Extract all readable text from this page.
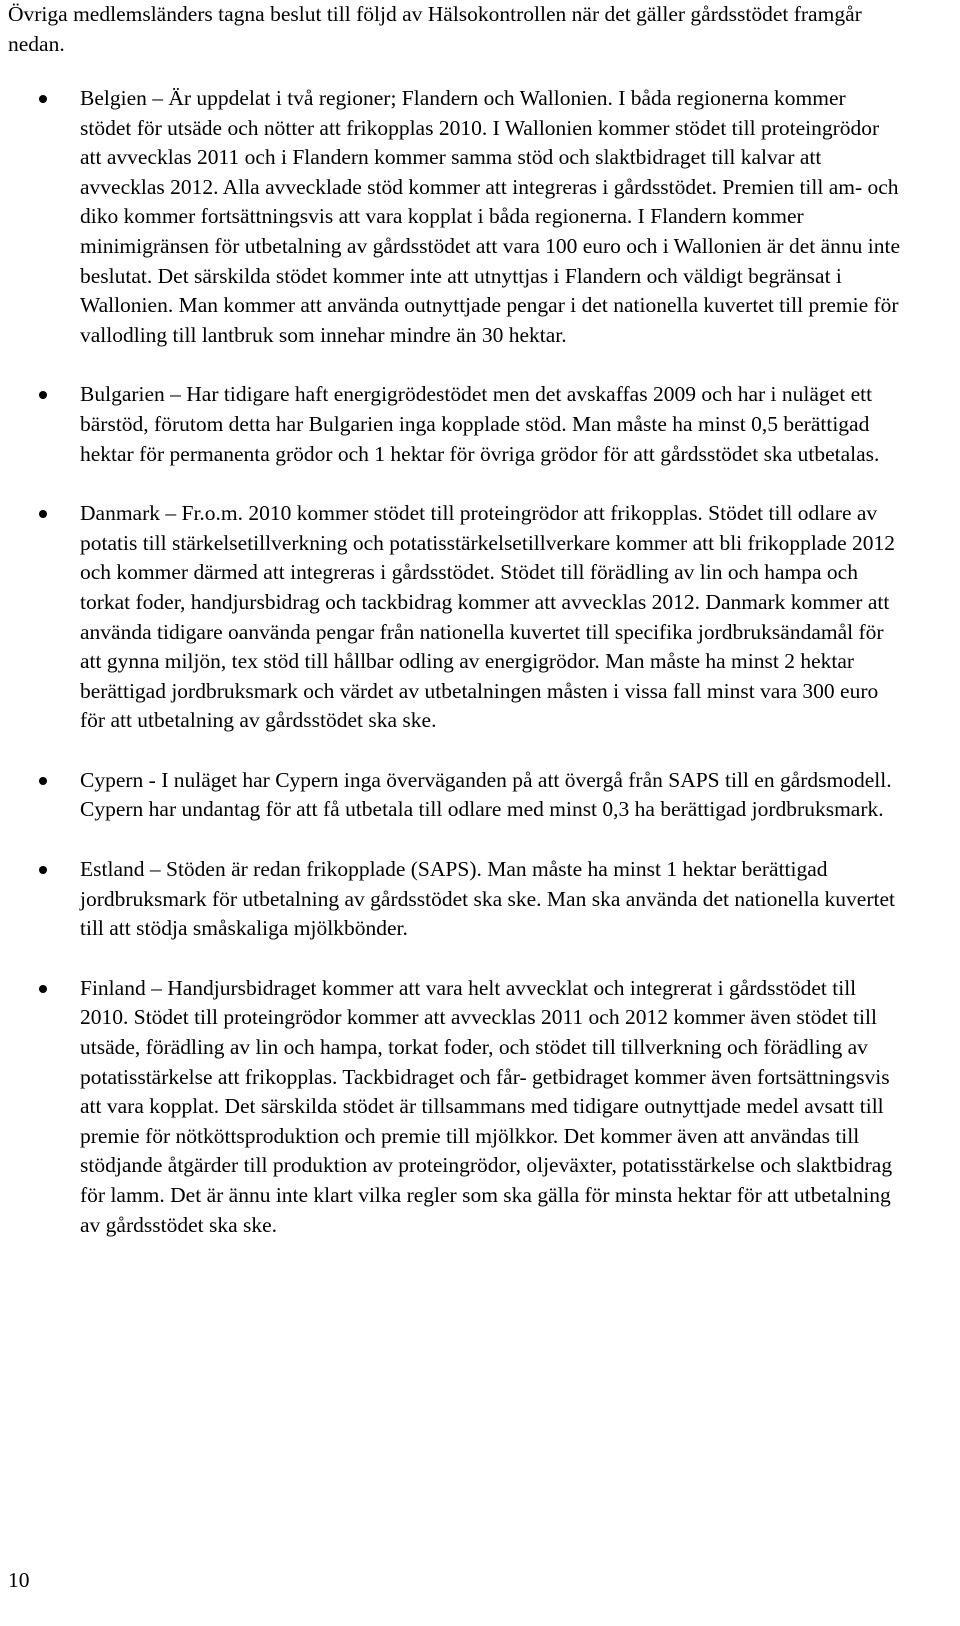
Övriga medlemsländers tagna beslut till följd av Hälsokontrollen när det gäller gårdsstödet framgår nedan.

Belgien – Är uppdelat i två regioner; Flandern och Wallonien. I båda regionerna kommer stödet för utsäde och nötter att frikopplas 2010. I Wallonien kommer stödet till proteingrödor att avvecklas 2011 och i Flandern kommer samma stöd och slaktbidraget till kalvar att avvecklas 2012. Alla avvecklade stöd kommer att integreras i gårdsstödet. Premien till am- och diko kommer fortsättningsvis att vara kopplat i båda regionerna. I Flandern kommer minimigränsen för utbetalning av gårdsstödet att vara 100 euro och i Wallonien är det ännu inte beslutat. Det särskilda stödet kommer inte att utnyttjas i Flandern och väldigt begränsat i Wallonien. Man kommer att använda outnyttjade pengar i det nationella kuvertet till premie för vallodling till lantbruk som innehar mindre än 30 hektar.
Bulgarien – Har tidigare haft energigrödestödet men det avskaffas 2009 och har i nuläget ett bärstöd, förutom detta har Bulgarien inga kopplade stöd. Man måste ha minst 0,5 berättigad hektar för permanenta grödor och 1 hektar för övriga grödor för att gårdsstödet ska utbetalas.
Danmark – Fr.o.m. 2010 kommer stödet till proteingrödor att frikopplas. Stödet till odlare av potatis till stärkelsetillverkning och potatisstärkelsetillverkare kommer att bli frikopplade 2012 och kommer därmed att integreras i gårdsstödet. Stödet till förädling av lin och hampa och torkat foder, handjursbidrag och tackbidrag kommer att avvecklas 2012. Danmark kommer att använda tidigare oanvända pengar från nationella kuvertet till specifika jordbruksändamål för att gynna miljön, tex stöd till hållbar odling av energigrödor. Man måste ha minst 2 hektar berättigad jordbruksmark och värdet av utbetalningen måsten i vissa fall minst vara 300 euro för att utbetalning av gårdsstödet ska ske.
Cypern - I nuläget har Cypern inga överväganden på att övergå från SAPS till en gårdsmodell. Cypern har undantag för att få utbetala till odlare med minst 0,3 ha berättigad jordbruksmark.
Estland – Stöden är redan frikopplade (SAPS). Man måste ha minst 1 hektar berättigad jordbruksmark för utbetalning av gårdsstödet ska ske. Man ska använda det nationella kuvertet till att stödja småskaliga mjölkbönder.
Finland – Handjursbidraget kommer att vara helt avvecklat och integrerat i gårdsstödet till 2010. Stödet till proteingrödor kommer att avvecklas 2011 och 2012 kommer även stödet till utsäde, förädling av lin och hampa, torkat foder, och stödet till tillverkning och förädling av potatisstärkelse att frikopplas. Tackbidraget och får- getbidraget kommer även fortsättningsvis att vara kopplat. Det särskilda stödet är tillsammans med tidigare outnyttjade medel avsatt till premie för nötköttsproduktion och premie till mjölkkor. Det kommer även att användas till stödjande åtgärder till produktion av proteingrödor, oljeväxter, potatisstärkelse och slaktbidrag för lamm. Det är ännu inte klart vilka regler som ska gälla för minsta hektar för att utbetalning av gårdsstödet ska ske.
10
